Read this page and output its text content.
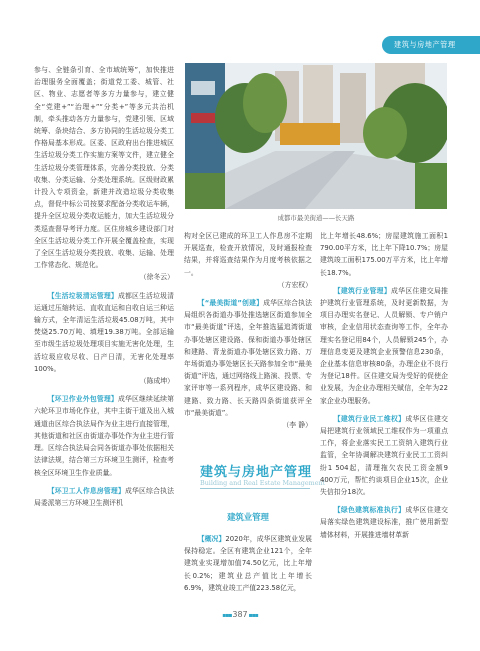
建筑与房地产管理

参与、全链条引育、全市域统筹”，加快推进治理服务全面覆盖；街道党工委、城管、社区、物业、志愿者等多方力量参与，建立健全“党建+”“治理+”“分类+”等多元共治机制，牵头推动各方力量参与，党建引领、区域统筹、条块结合、多方协同的生活垃圾分类工作格局基本形成。区委、区政府出台推进城区生活垃圾分类工作实施方案等文件，建立健全生活垃圾分类管理体系，完善分类投放、分类收集、分类运输、分类处理系统。区级财政累计投入专项资金，新建并改造垃圾分类收集点，督促中标公司按要求配备分类收运车辆，提升全区垃圾分类收运能力，加大生活垃圾分类巡查督导考评力度。区住房城乡建设部门对全区生活垃圾分类工作开展全覆盖检查，实现了全区生活垃圾分类投放、收集、运输、处理工作常态化、规范化。

（徐冬云）

【生活垃圾清运管理】成都区生活垃圾清运通过压缩转运、直收直运和自收自运三种运输方式，全年清运生活垃圾45.08万吨，其中焚烧25.70万吨、填埋19.38万吨。全部运输至市级生活垃圾处理项目实施无害化处理，生活垃圾应收尽收、日产日清，无害化处理率100%。

（陈成坤）

【环卫作业外包管理】成华区继续延续第六轮环卫市场化作业，其中主街干道及出入城通道由区综合执法局作为业主进行直接管理，其他街道和社区由街道办事处作为业主进行管理。区综合执法局会同各街道办事处依据相关法律法规，结合第三方环境卫生测评，检查考核全区环境卫生作业质量。

【环卫工人作息房管理】成华区综合执法局委派第三方环境卫生测评机

成都市最美街道——长天路

构对全区已建成的环卫工人作息房不定期开展巡查，检查开放情况，及时通报检查结果，并将巡查结果作为月度考核依据之一。

（方宏权）

【“最美街道”创建】成华区综合执法局组织各街道办事处推选辖区街道参加全市“最美街道”评选，全年推选猛追湾街道办事处辖区建设路、保和街道办事处辖区和建路、青龙街道办事处辖区致力路、万年场街道办事处辖区长天路参加全市“最美街道”评选，通过网络线上路演、投票、专家评审等一系列程序，成华区建设路、和建路、致力路、长天路四条街道获评全市“最美街道”。

（李 静）

建筑与房地产管理
Building and Real Estate Management
建筑业管理

【概况】2020年，成华区建筑业发展保持稳定。全区有建筑企业121个，全年建筑业实现增加值74.50亿元，比上年增长0.2%；建筑业总产值比上年增长6.9%，建筑业竣工产值223.58亿元，

比上年增长48.6%；房屋建筑施工面积1 790.00平方米，比上年下降10.7%；房屋建筑竣工面积175.00万平方米，比上年增长18.7%。

【建筑行业管理】成华区住建交局推护建筑行业管理系统，及时更新数据，为项目办理实名登记、人员解锁、专户销户审核，企业信用状态查询等工作，全年办理实名登记用84个，人员解锁245个，办理信息变更及建筑企业预警信息230条，企业基本信息审核80条，办理企业不良行为登记18件。区住建交局为受好的促使企业发展，为企业办理相关赋信，全年为22家企业办理服务。

【建筑行业民工维权】成华区住建交局把建筑行业领域民工维权作为一项重点工作，将企业落实民工工资纳入建筑行业监管，全年协调解决建筑行业民工工资纠纷1 504起，清理拖欠农民工资金额9 400万元，帮忙约谈项目企业15次，企业失信扣分18次。

【绿色建筑标准执行】成华区住建交局落实绿色建筑建设标准，推广使用新型墙体材料，开展推进墙材革新

▪▪▪ 387 ▪▪▪
